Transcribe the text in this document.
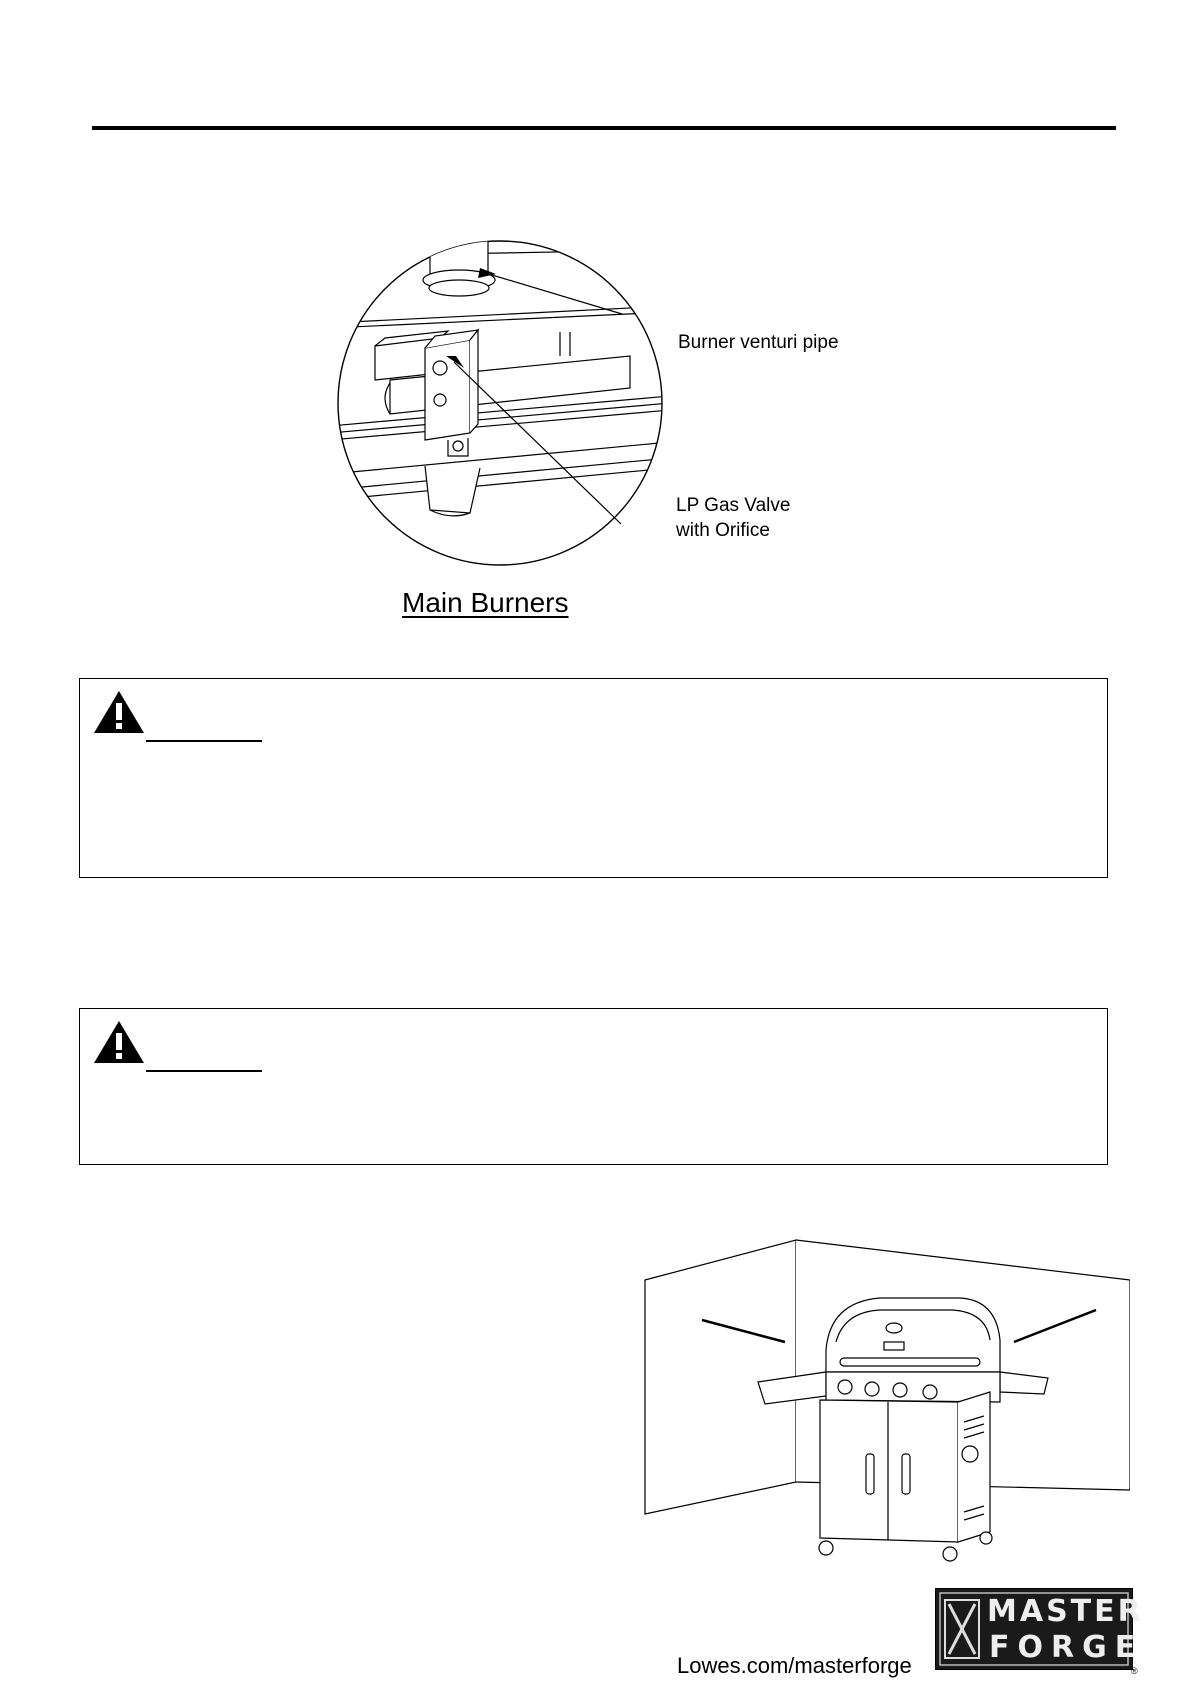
Burner venturi pipe
LP Gas Valve
with Orifice
Main Burners
Lowes.com/masterforge
MASTER
FORGE
®
